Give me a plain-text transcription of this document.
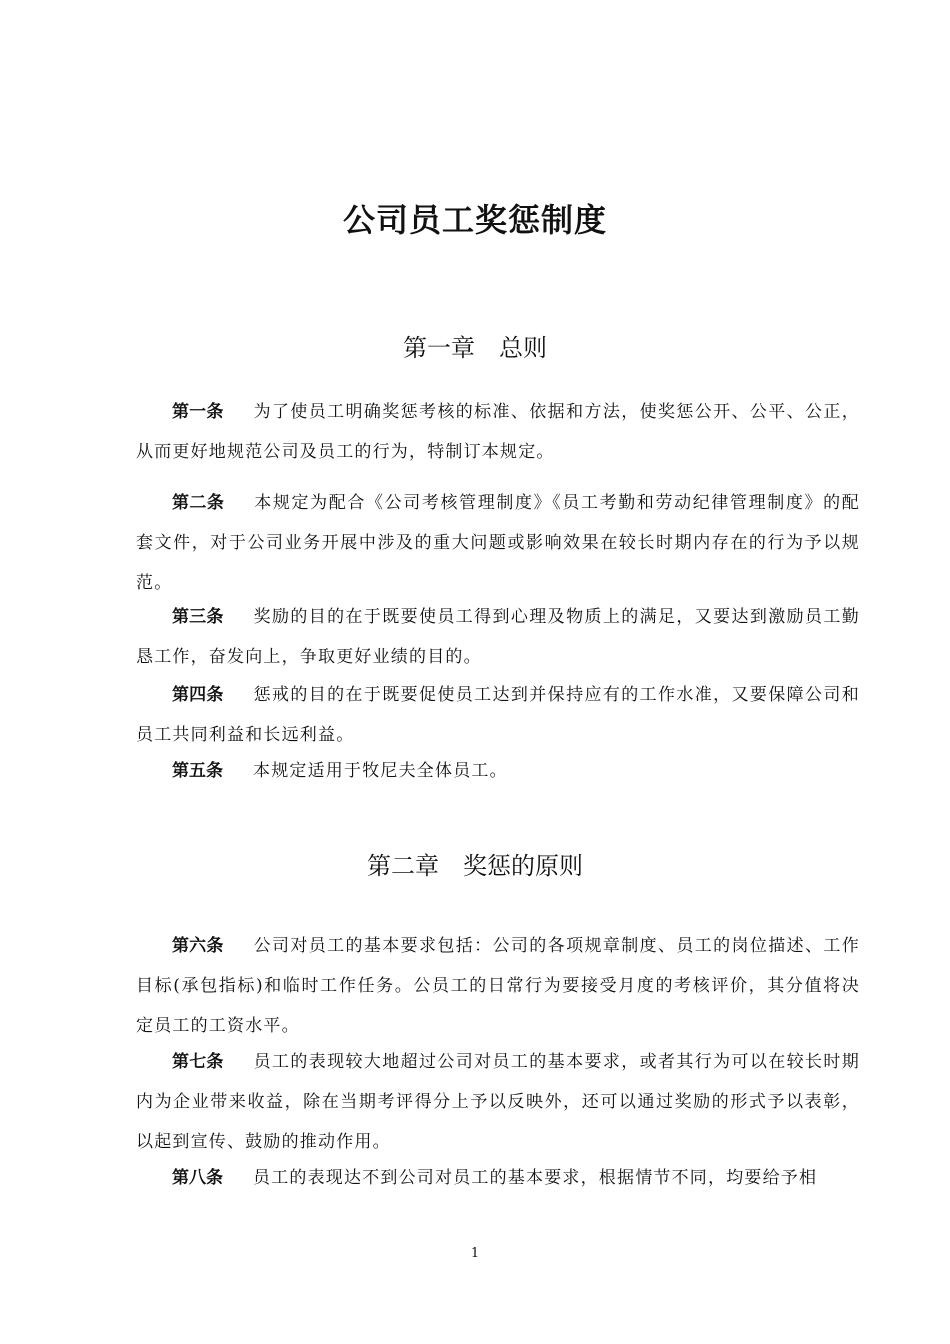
公司员工奖惩制度
第一章　总则

第一条 为了使员工明确奖惩考核的标准、依据和方法，使奖惩公开、公平、公正，从而更好地规范公司及员工的行为，特制订本规定。

第二条 本规定为配合《公司考核管理制度》《员工考勤和劳动纪律管理制度》的配套文件，对于公司业务开展中涉及的重大问题或影响效果在较长时期内存在的行为予以规范。

第三条 奖励的目的在于既要使员工得到心理及物质上的满足，又要达到激励员工勤恳工作，奋发向上，争取更好业绩的目的。

第四条 惩戒的目的在于既要促使员工达到并保持应有的工作水准，又要保障公司和员工共同利益和长远利益。

第五条 本规定适用于牧尼夫全体员工。

第二章　奖惩的原则

第六条 公司对员工的基本要求包括：公司的各项规章制度、员工的岗位描述、工作目标(承包指标)和临时工作任务。公员工的日常行为要接受月度的考核评价，其分值将决定员工的工资水平。

第七条 员工的表现较大地超过公司对员工的基本要求，或者其行为可以在较长时期内为企业带来收益，除在当期考评得分上予以反映外，还可以通过奖励的形式予以表彰，以起到宣传、鼓励的推动作用。

第八条 员工的表现达不到公司对员工的基本要求，根据情节不同，均要给予相

1
